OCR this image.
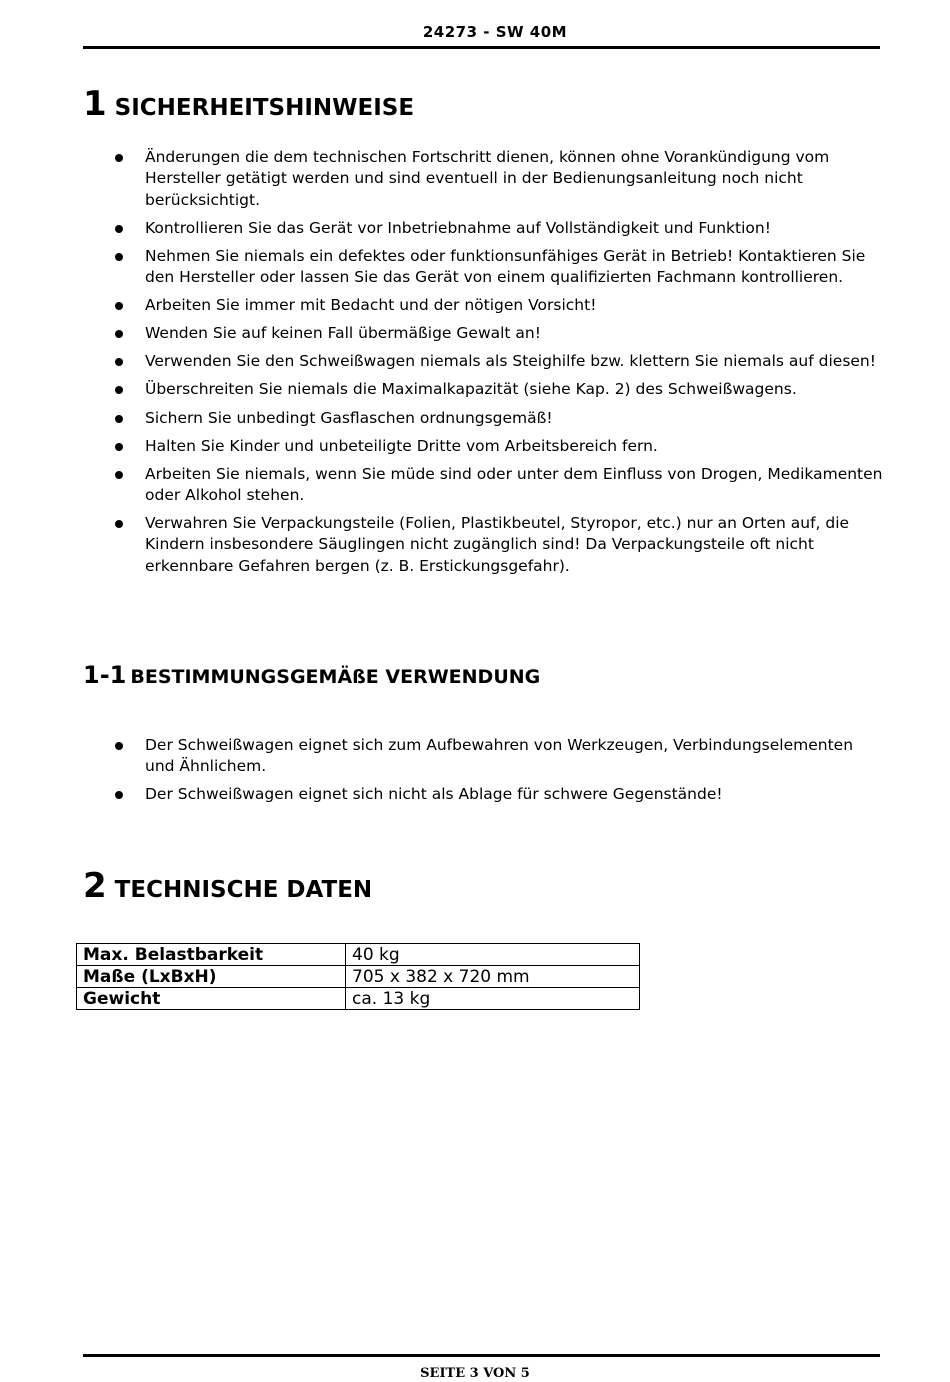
24273 - SW 40M
1 SICHERHEITSHINWEISE
Änderungen die dem technischen Fortschritt dienen, können ohne Vorankündigung vom Hersteller getätigt werden und sind eventuell in der Bedienungsanleitung noch nicht berücksichtigt.
Kontrollieren Sie das Gerät vor Inbetriebnahme auf Vollständigkeit und Funktion!
Nehmen Sie niemals ein defektes oder funktionsunfähiges Gerät in Betrieb! Kontaktieren Sie den Hersteller oder lassen Sie das Gerät von einem qualifizierten Fachmann kontrollieren.
Arbeiten Sie immer mit Bedacht und der nötigen Vorsicht!
Wenden Sie auf keinen Fall übermäßige Gewalt an!
Verwenden Sie den Schweißwagen niemals als Steighilfe bzw. klettern Sie niemals auf diesen!
Überschreiten Sie niemals die Maximalkapazität (siehe Kap. 2) des Schweißwagens.
Sichern Sie unbedingt Gasflaschen ordnungsgemäß!
Halten Sie Kinder und unbeteiligte Dritte vom Arbeitsbereich fern.
Arbeiten Sie niemals, wenn Sie müde sind oder unter dem Einfluss von Drogen, Medikamenten oder Alkohol stehen.
Verwahren Sie Verpackungsteile (Folien, Plastikbeutel, Styropor, etc.) nur an Orten auf, die Kindern insbesondere Säuglingen nicht zugänglich sind! Da Verpackungsteile oft nicht erkennbare Gefahren bergen (z. B. Erstickungsgefahr).
1-1 BESTIMMUNGSGEMÄßE VERWENDUNG
Der Schweißwagen eignet sich zum Aufbewahren von Werkzeugen, Verbindungselementen und Ähnlichem.
Der Schweißwagen eignet sich nicht als Ablage für schwere Gegenstände!
2 TECHNISCHE DATEN
Max. Belastbarkeit	40 kg
Maße (LxBxH)	705 x 382 x 720 mm
Gewicht	ca. 13 kg
SEITE 3 VON 5
